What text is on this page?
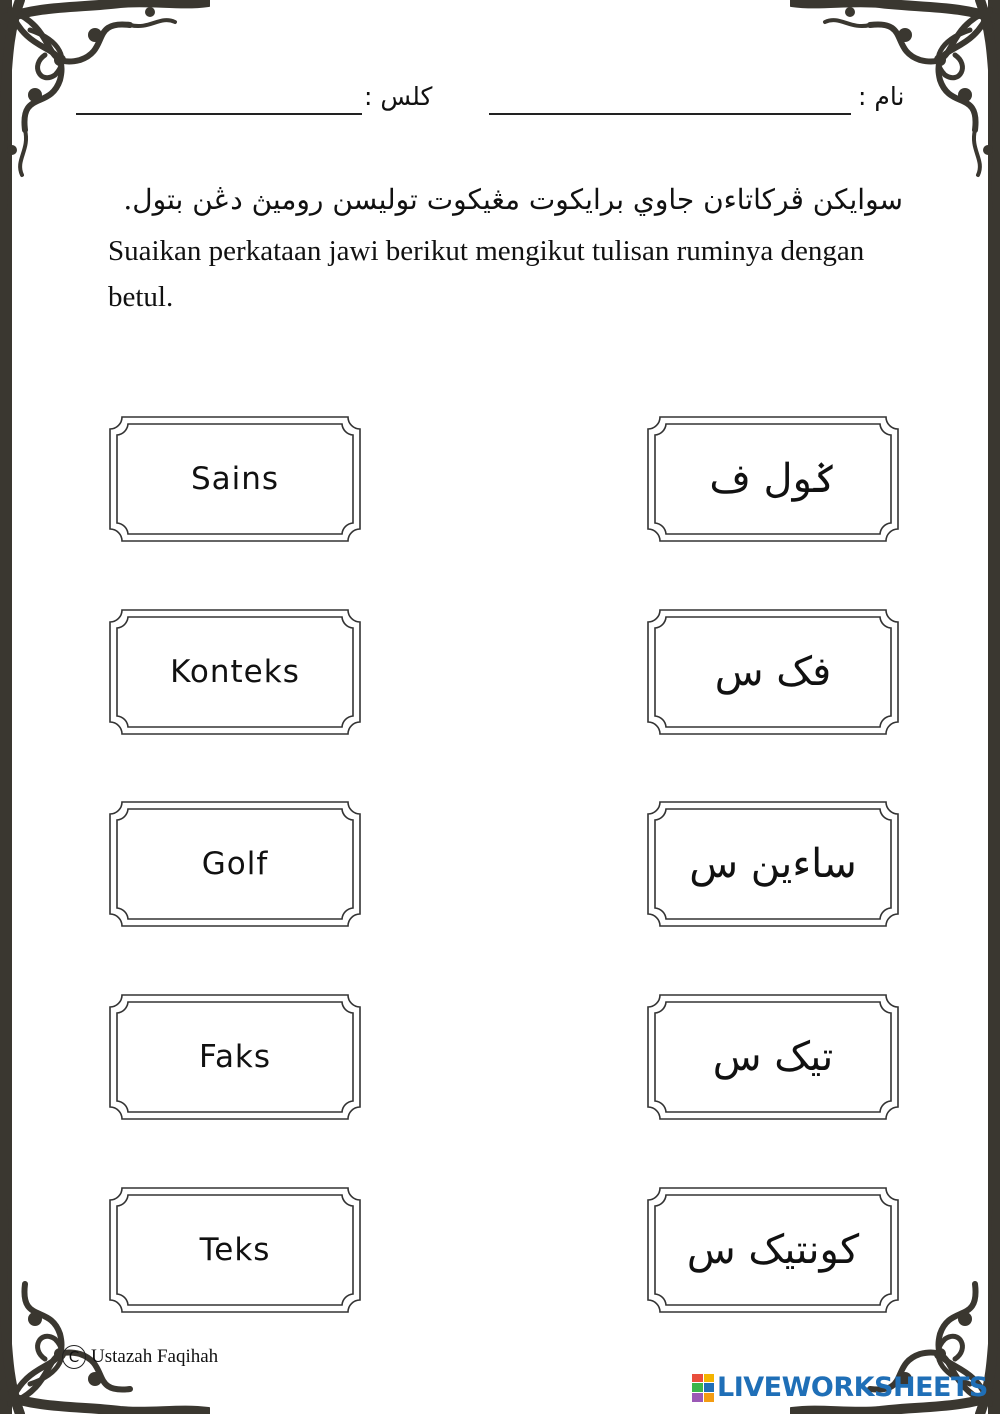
كلس :	نام :
سوايكن ڤركاتاءن جاوي برايكوت مڠيكوت توليسن روميڽ دڠن بتول.
Suaikan perkataan jawi berikut mengikut tulisan ruminya dengan betul.
Sains
Konteks
Golf
Faks
Teks
ݢول ف
فک س
ساءين س
تيک س
کونتيک س
C Ustazah Faqihah
LIVEWORKSHEETS
